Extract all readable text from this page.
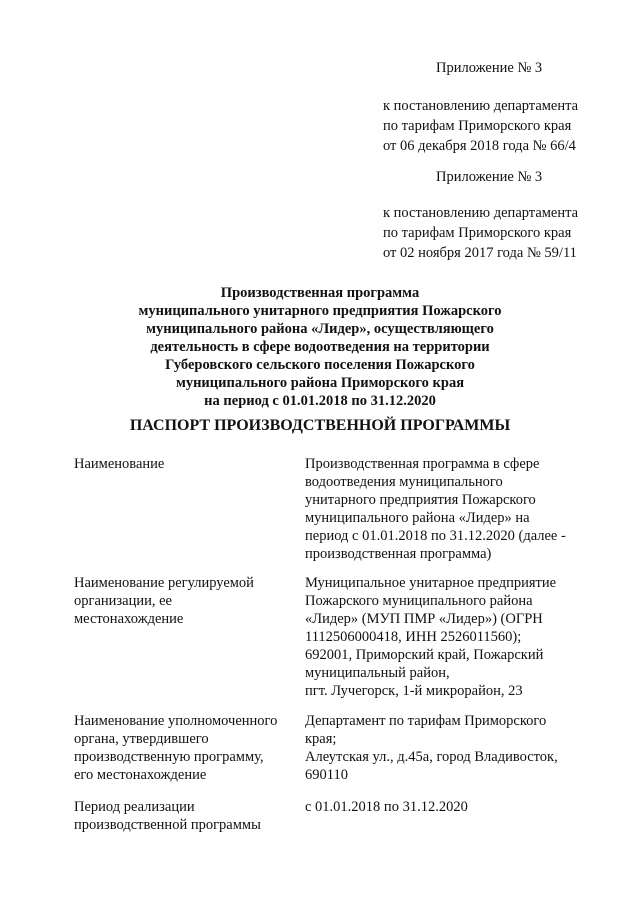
Приложение № 3
к постановлению департамента
по тарифам Приморского края
от 06 декабря 2018 года № 66/4
Приложение № 3
к постановлению департамента
по тарифам Приморского края
от 02 ноября 2017 года № 59/11
Производственная программа
муниципального унитарного предприятия Пожарского
муниципального района «Лидер», осуществляющего
деятельность в сфере водоотведения на территории
Губеровского сельского поселения Пожарского
муниципального района Приморского края
на период с 01.01.2018 по 31.12.2020
ПАСПОРТ ПРОИЗВОДСТВЕННОЙ ПРОГРАММЫ
Наименование	Производственная программа в сфере
водоотведения муниципального
унитарного предприятия Пожарского
муниципального района «Лидер» на
период с 01.01.2018 по 31.12.2020 (далее -
производственная программа)
Наименование регулируемой
организации, ее
местонахождение
Муниципальное унитарное предприятие
Пожарского муниципального района
«Лидер» (МУП ПМР «Лидер») (ОГРН
1112506000418, ИНН 2526011560);
692001, Приморский край, Пожарский
муниципальный район,
пгт. Лучегорск, 1-й микрорайон, 23
Наименование уполномоченного
органа, утвердившего
производственную программу,
его местонахождение
Департамент по тарифам Приморского
края;
Алеутская ул., д.45а, город Владивосток,
690110
Период реализации
производственной программы
с 01.01.2018 по 31.12.2020
